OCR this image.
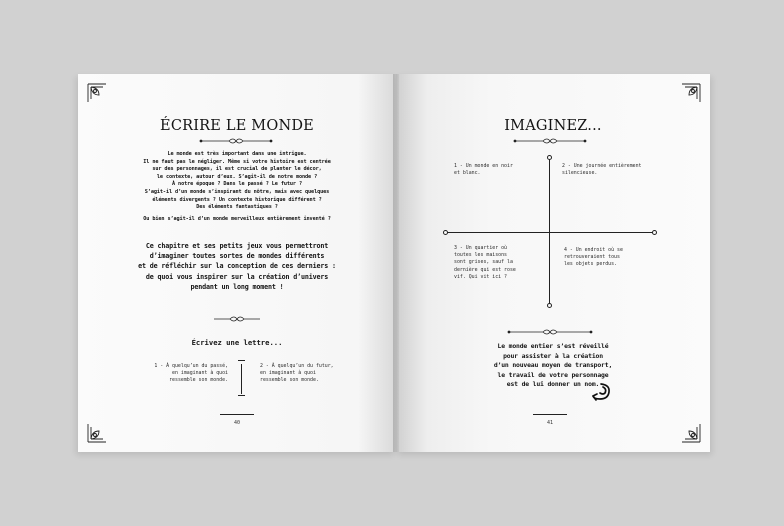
ÉCRIRE LE MONDE
Le monde est très important dans une intrigue.
Il ne faut pas le négliger. Même si votre histoire est centrée
sur des personnages, il est crucial de planter le décor,
le contexte, autour d’eux. S’agit-il de notre monde ?
À notre époque ? Dans le passé ? Le futur ?
S’agit-il d’un monde s’inspirant du nôtre, mais avec quelques
éléments divergents ? Un contexte historique différent ?
Des éléments fantastiques ?
Ou bien s’agit-il d’un monde merveilleux entièrement inventé ?
Ce chapitre et ses petits jeux vous permettront
d’imaginer toutes sortes de mondes différents
et de réfléchir sur la conception de ces derniers :
de quoi vous inspirer sur la création d’univers
pendant un long moment !
Écrivez une lettre...
1 - À quelqu’un du passé,
en imaginant à quoi
ressemble son monde.
2 - À quelqu’un du futur,
en imaginant à quoi
ressemble son monde.
40
IMAGINEZ...
1 - Un monde en noir
et blanc.
2 - Une journée entièrement
silencieuse.
3 - Un quartier où
toutes les maisons
sont grises, sauf la
dernière qui est rose
vif. Qui vit ici ?
4 - Un endroit où se
retrouveraient tous
les objets perdus.
Le monde entier s’est réveillé
pour assister à la création
d’un nouveau moyen de transport,
le travail de votre personnage
est de lui donner un nom.
41
